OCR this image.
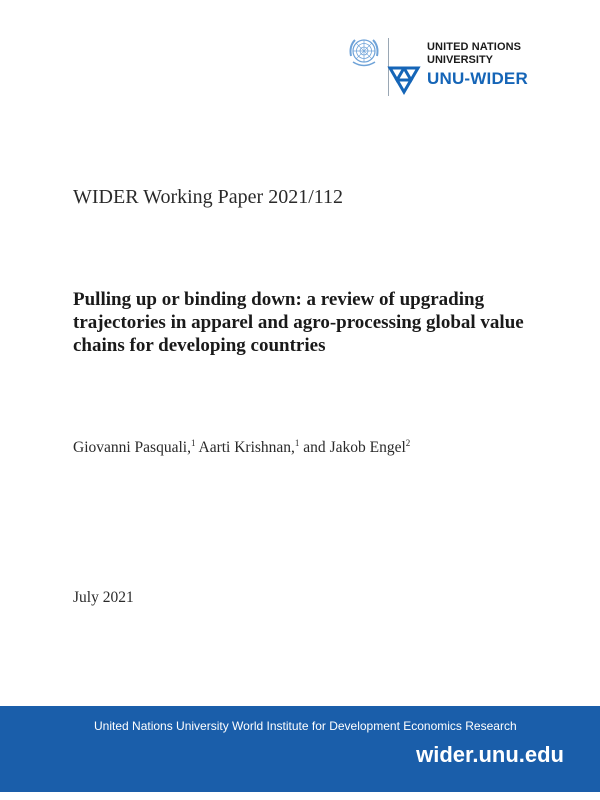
UNITED NATIONS
UNIVERSITY
UNU-WIDER
WIDER Working Paper 2021/112
Pulling up or binding down: a review of upgrading trajectories in apparel and agro-processing global value chains for developing countries
Giovanni Pasquali,$^1$ Aarti Krishnan,$^1$ and Jakob Engel$^2$
July 2021
United Nations University World Institute for Development Economics Research
wider.unu.edu
